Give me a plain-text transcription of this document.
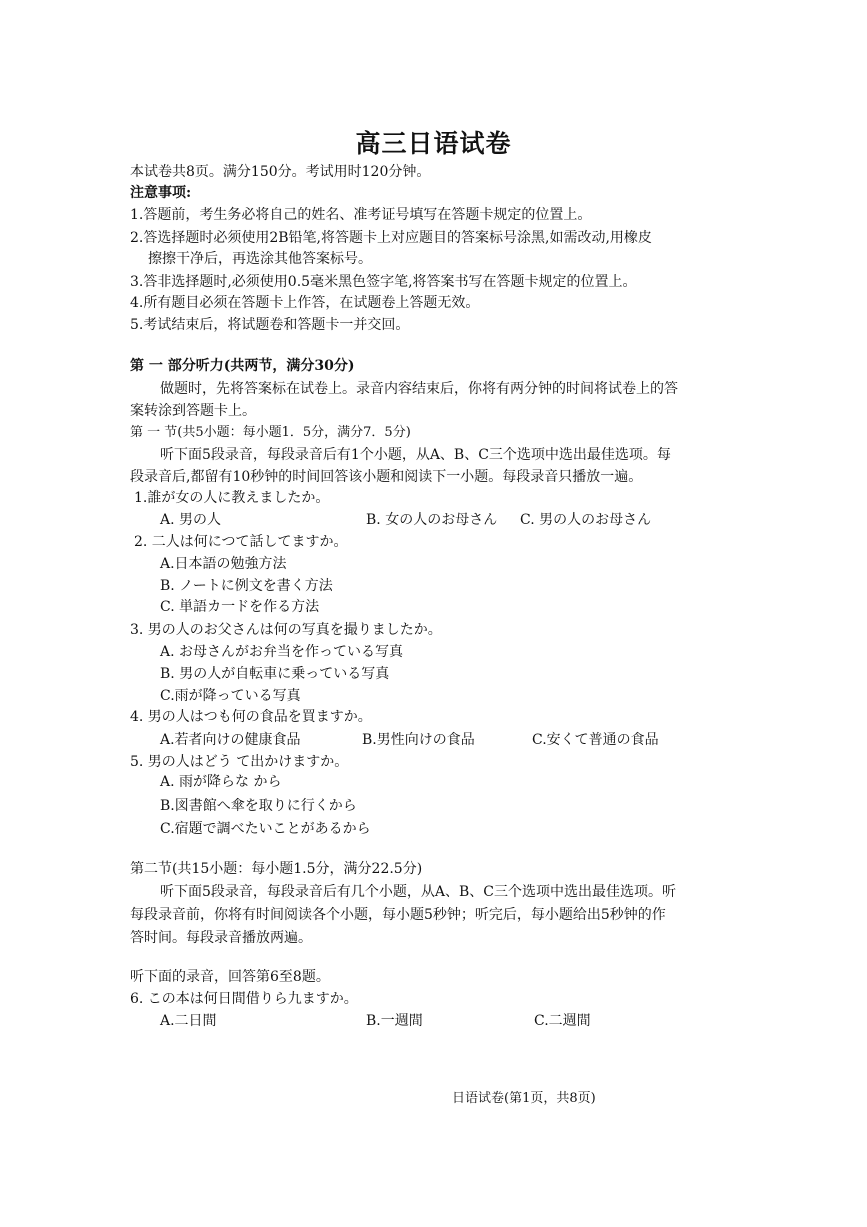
高三日语试卷
本试卷共8页。满分150分。考试用时120分钟。
注意事项:
1.答题前，考生务必将自己的姓名、准考证号填写在答题卡规定的位置上。
2.答选择题时必须使用2B铅笔,将答题卡上对应题目的答案标号涂黑,如需改动,用橡皮
擦擦干净后，再选涂其他答案标号。
3.答非选择题时,必须使用0.5毫米黑色签字笔,将答案书写在答题卡规定的位置上。
4.所有题目必须在答题卡上作答，在试题卷上答题无效。
5.考试结束后，将试题卷和答题卡一并交回。
第 一 部分听力(共两节，满分30分)
做题时，先将答案标在试卷上。录音内容结束后，你将有两分钟的时间将试卷上的答
案转涂到答题卡上。
第 一 节(共5小题：每小题1．5分，满分7．5分)
听下面5段录音，每段录音后有1个小题，从A、B、C三个选项中选出最佳选项。每
段录音后,都留有10秒钟的时间回答该小题和阅读下一小题。每段录音只播放一遍。
1.誰が女の人に教えましたか。
A. 男の人	B. 女の人のお母さん C. 男の人のお母さん
2. 二人は何につて話してますか。
A.日本語の勉強方法
B. ノートに例文を書く方法
C. 単語カ一ドを作る方法
3. 男の人のお父さんは何の写真を撮りましたか。
A. お母さんがお弁当を作っている写真
B. 男の人が自転車に乗っている写真
C.雨が降っている写真
4. 男の人はつも何の食品を買ますか。
A.若者向けの健康食品	B.男性向けの食品	C.安くて普通の食品
5. 男の人はどう て出かけますか。
A. 雨が降らな から
B.図書館へ傘を取りに行くから
C.宿題で調べたいことがあるから
第二节(共15小题：每小题1.5分，满分22.5分)
听下面5段录音，每段录音后有几个小题，从A、B、C三个选项中选出最佳选项。听
每段录音前，你将有时间阅读各个小题，每小题5秒钟；听完后，每小题给出5秒钟的作
答时间。每段录音播放两遍。
听下面的录音，回答第6至8题。
6. この本は何日間借りら九ますか。
A.二日間	B.一週間	C.二週間
日语试卷(第1页，共8页)
